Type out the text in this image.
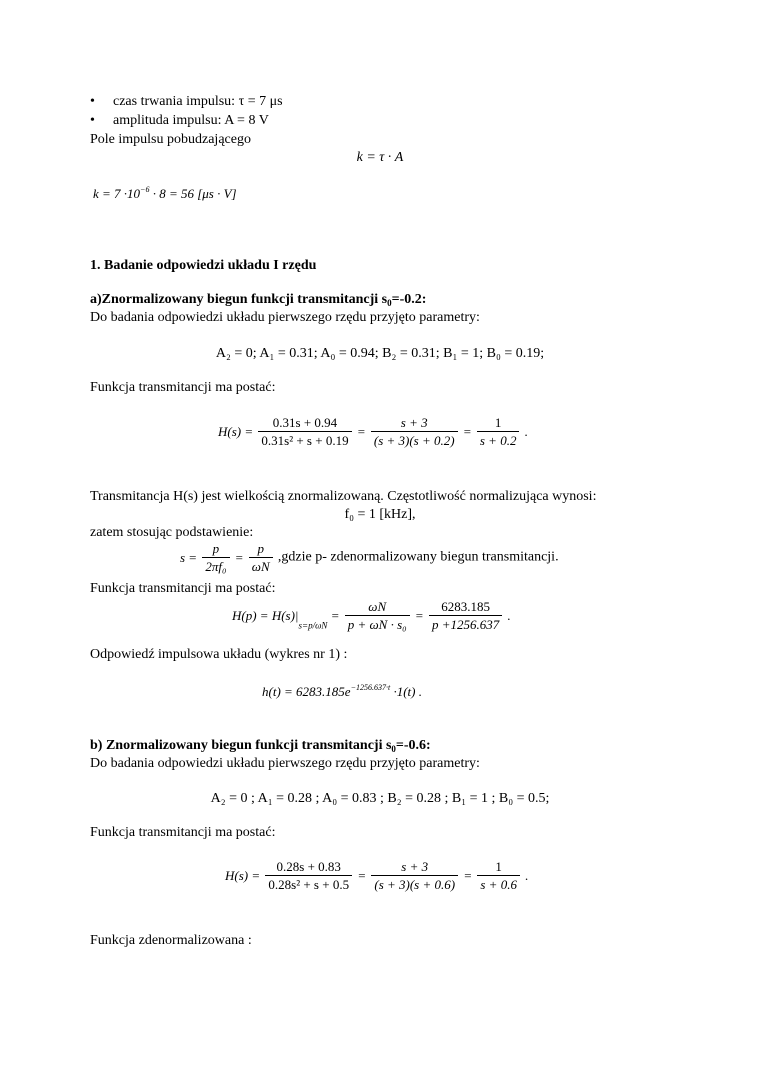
• czas trwania impulsu: τ = 7 μs
• amplituda impulsu: A = 8 V
Pole impulsu pobudzającego
k = τ · A
$k = 7 \cdot 10^{-6} \cdot 8 = 56$ [μs · V]
1. Badanie odpowiedzi układu I rzędu
a)Znormalizowany biegun funkcji transmitancji $s_0=-0.2$:
Do badania odpowiedzi układu pierwszego rzędu przyjęto parametry:
A₂ = 0; A₁ = 0.31; A₀ = 0.94; B₂ = 0.31; B₁ = 1; B₀ = 0.19;
Funkcja transmitancji ma postać:
$H(s) = \frac{0.31s + 0.94}{\text{0.31s² + s + 0.19}} = \frac{s + 3}{(s + 3)(s + 0.2)} = \frac{1}{s + 0.2}$ .
Transmitancja H(s) jest wielkością znormalizowaną. Częstotliwość normalizująca wynosi:
f₀ = 1 [kHz],
zatem stosując podstawienie:
$s = \frac{p}{\text{2πf₀}} = \frac{p}{\omega N}$ ,gdzie p- zdenormalizowany biegun transmitancji.
Funkcja transmitancji ma postać:
$H(p) = H(s)|_{s=p/\omega N} = \frac{\omega N}{\text{p + ωN · s₀}} = \frac{6283.185}{p +1256.637}$ .
Odpowiedź impulsowa układu (wykres nr 1) :
$h(t) = 6283.185e^{-1256.637\cdot t} \cdot 1(t)$ .
b) Znormalizowany biegun funkcji transmitancji $s_0=-0.6$:
Do badania odpowiedzi układu pierwszego rzędu przyjęto parametry:
A₂ = 0 ; A₁ = 0.28 ; A₀ = 0.83 ; B₂ = 0.28 ; B₁ = 1 ; B₀ = 0.5;
Funkcja transmitancji ma postać:
$H(s) = \frac{0.28s + 0.83}{\text{0.28s² + s + 0.5}} = \frac{s + 3}{(s + 3)(s + 0.6)} = \frac{1}{s + 0.6}$ .
Funkcja zdenormalizowana :
